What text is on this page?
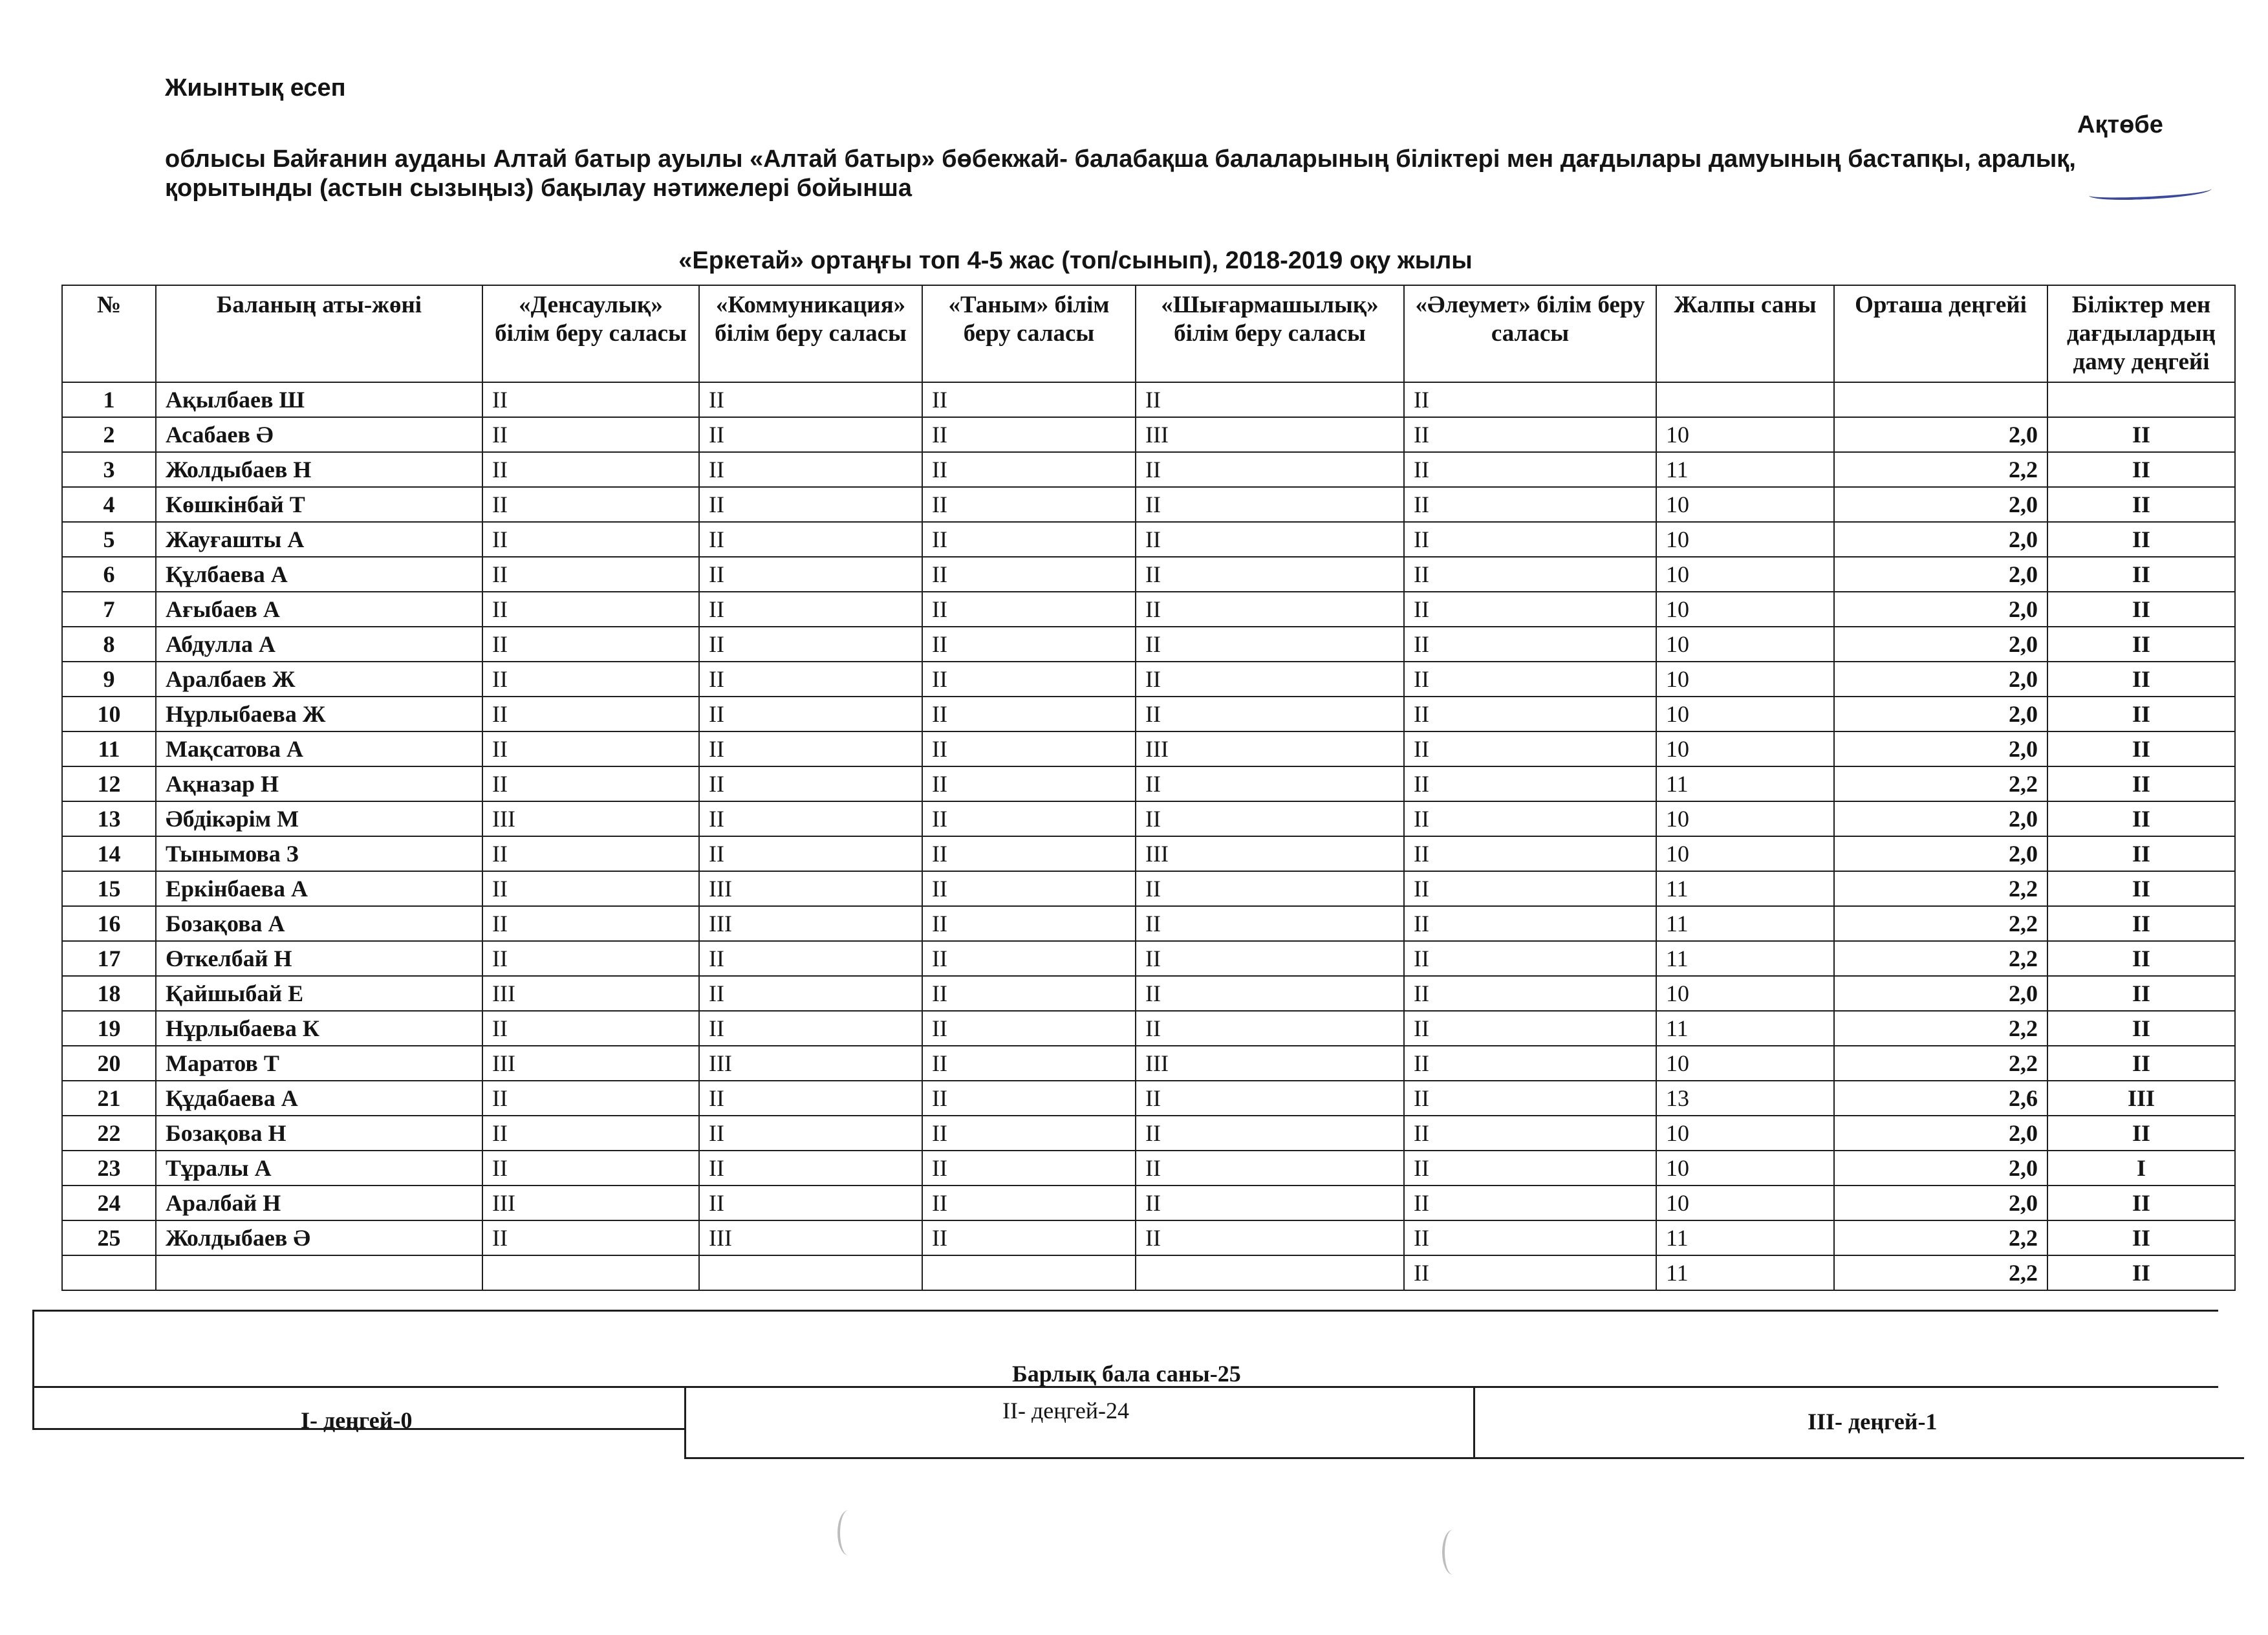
Жиынтық есеп
Ақтөбе
облысы Байғанин ауданы Алтай батыр ауылы «Алтай батыр» бөбекжай- балабақша балаларының біліктері мен дағдылары дамуының бастапқы, аралық,
қорытынды (астын сызыңыз) бақылау нәтижелері бойынша
«Еркетай» ортаңғы топ 4-5 жас (топ/сынып), 2018-2019 оқу жылы
№	Баланың аты-жөні	«Денсаулық» білім беру саласы	«Коммуникация» білім беру саласы	«Таным» білім беру саласы	«Шығармашылық» білім беру саласы	«Әлеумет» білім беру саласы	Жалпы саны	Орташа деңгейі	Біліктер мен дағдылардың даму деңгейі
1	Ақылбаев Ш	II	II	II	II	II			
2	Асабаев Ә	II	II	II	III	II	10	2,0	II
3	Жолдыбаев Н	II	II	II	II	II	11	2,2	II
4	Көшкінбай Т	II	II	II	II	II	10	2,0	II
5	Жауғашты А	II	II	II	II	II	10	2,0	II
6	Құлбаева А	II	II	II	II	II	10	2,0	II
7	Ағыбаев А	II	II	II	II	II	10	2,0	II
8	Абдулла А	II	II	II	II	II	10	2,0	II
9	Аралбаев Ж	II	II	II	II	II	10	2,0	II
10	Нұрлыбаева Ж	II	II	II	II	II	10	2,0	II
11	Мақсатова А	II	II	II	III	II	10	2,0	II
12	Ақназар Н	II	II	II	II	II	11	2,2	II
13	Әбдікәрім М	III	II	II	II	II	10	2,0	II
14	Тынымова З	II	II	II	III	II	10	2,0	II
15	Еркінбаева А	II	III	II	II	II	11	2,2	II
16	Бозақова А	II	III	II	II	II	11	2,2	II
17	Өткелбай Н	II	II	II	II	II	11	2,2	II
18	Қайшыбай Е	III	II	II	II	II	10	2,0	II
19	Нұрлыбаева К	II	II	II	II	II	11	2,2	II
20	Маратов Т	III	III	II	III	II	10	2,2	II
21	Құдабаева А	II	II	II	II	II	13	2,6	III
22	Бозақова Н	II	II	II	II	II	10	2,0	II
23	Тұралы А	II	II	II	II	II	10	2,0	I
24	Аралбай Н	III	II	II	II	II	10	2,0	II
25	Жолдыбаев Ә	II	III	II	II	II	11	2,2	II
						II	11	2,2	II
Барлық бала саны-25
I- деңгей-0	II- деңгей-24	III- деңгей-1
